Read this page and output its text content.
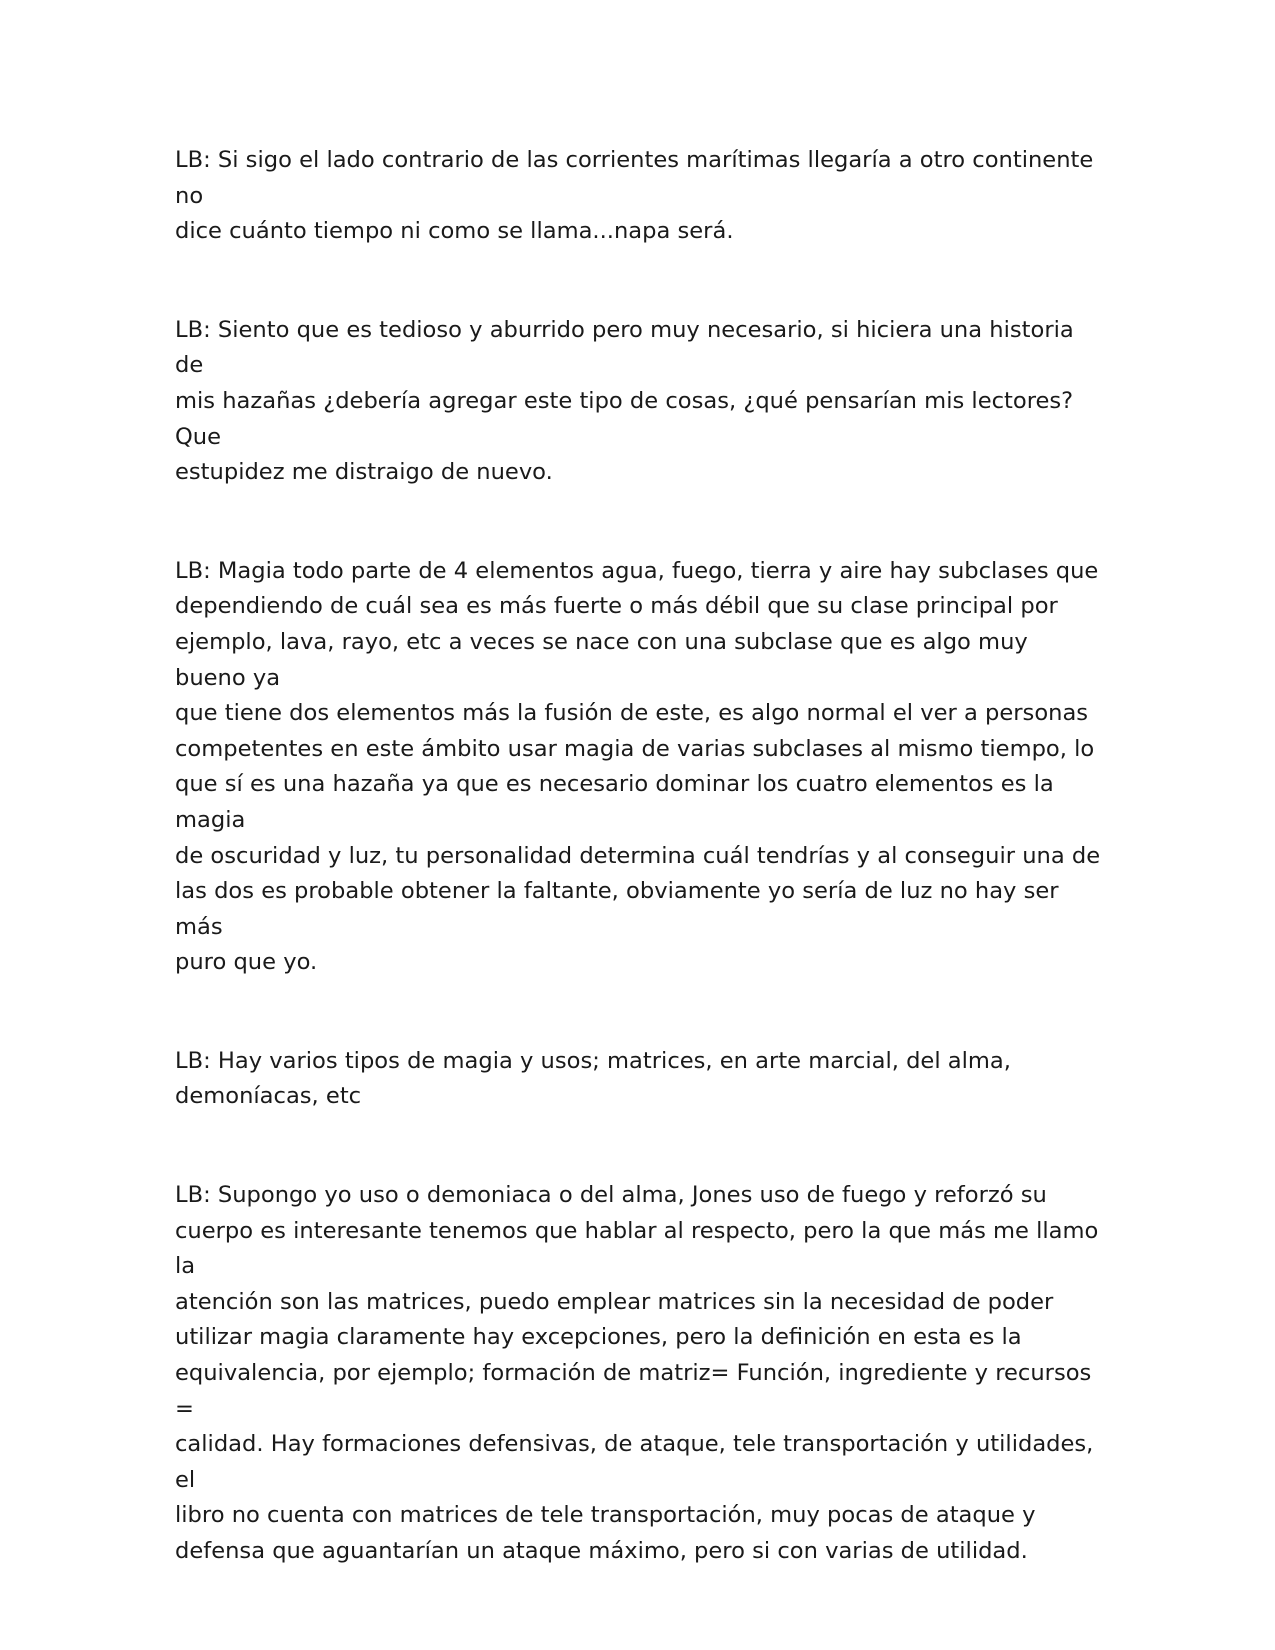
LB: Si sigo el lado contrario de las corrientes marítimas llegaría a otro continente no
dice cuánto tiempo ni como se llama...napa será.
LB: Siento que es tedioso y aburrido pero muy necesario, si hiciera una historia de
mis hazañas ¿debería agregar este tipo de cosas, ¿qué pensarían mis lectores? Que
estupidez me distraigo de nuevo.
LB: Magia todo parte de 4 elementos agua, fuego, tierra y aire hay subclases que
dependiendo de cuál sea es más fuerte o más débil que su clase principal por
ejemplo, lava, rayo, etc a veces se nace con una subclase que es algo muy bueno ya
que tiene dos elementos más la fusión de este, es algo normal el ver a personas
competentes en este ámbito usar magia de varias subclases al mismo tiempo, lo
que sí es una hazaña ya que es necesario dominar los cuatro elementos es la magia
de oscuridad y luz, tu personalidad determina cuál tendrías y al conseguir una de
las dos es probable obtener la faltante, obviamente yo sería de luz no hay ser más
puro que yo.
LB: Hay varios tipos de magia y usos; matrices, en arte marcial, del alma,
demoníacas, etc
LB: Supongo yo uso o demoniaca o del alma, Jones uso de fuego y reforzó su
cuerpo es interesante tenemos que hablar al respecto, pero la que más me llamo la
atención son las matrices, puedo emplear matrices sin la necesidad de poder
utilizar magia claramente hay excepciones, pero la definición en esta es la
equivalencia, por ejemplo; formación de matriz= Función, ingrediente y recursos =
calidad. Hay formaciones defensivas, de ataque, tele transportación y utilidades, el
libro no cuenta con matrices de tele transportación, muy pocas de ataque y
defensa que aguantarían un ataque máximo, pero si con varias de utilidad.
